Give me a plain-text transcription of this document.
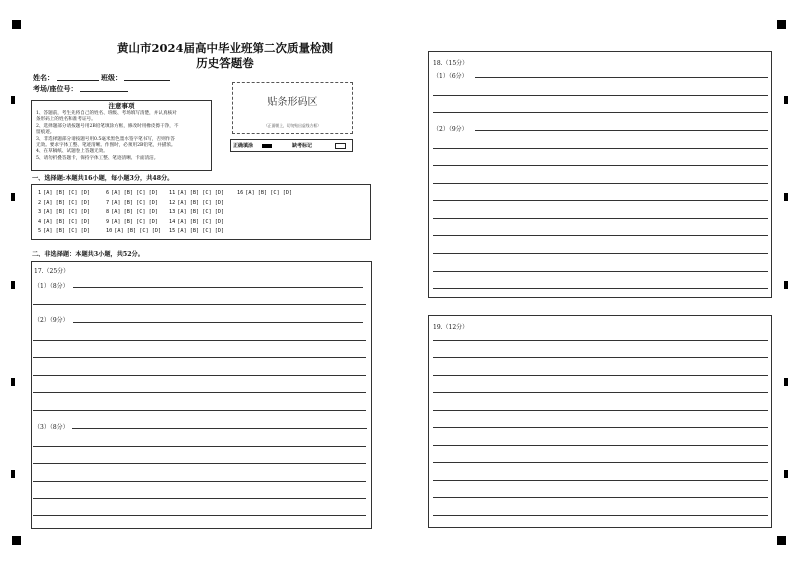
黄山市2024届高中毕业班第二次质量检测
历史答题卷
姓名：	班级：
考场/座位号：
注意事项

1、答题前，考生先将自己的姓名、班级、考场填写清楚，并认真核对

条形码上的姓名和准考证号。

2、选择题部分请按题号用2B铅笔填涂方框，修改时用橡皮擦干净，不

留痕迹。

3、非选择题部分请按题号用0.5毫米黑色墨水签字笔书写，否则作答

无效。要求字体工整、笔迹清晰。作图时，必须用2B铅笔，并描浓。

4、在草稿纸、试题卷上答题无效。

5、请勿折叠答题卡，保持字体工整、笔迹清晰、卡面清洁。

贴条形码区
（正面朝上，切勿贴出虚线方框）
正确填涂	缺考标记
一、选择题:本题共16小题，每小题3分，共48分。
1 [A] [B] [C] [D]
2 [A] [B] [C] [D]
3 [A] [B] [C] [D]
4 [A] [B] [C] [D]
5 [A] [B] [C] [D]
6 [A] [B] [C] [D]
7 [A] [B] [C] [D]
8 [A] [B] [C] [D]
9 [A] [B] [C] [D]
10 [A] [B] [C] [D]
11 [A] [B] [C] [D]
12 [A] [B] [C] [D]
13 [A] [B] [C] [D]
14 [A] [B] [C] [D]
15 [A] [B] [C] [D]
16 [A] [B] [C] [D]
二、非选择题：本题共3小题，共52分。
17.（25分）
（1）（8分）
（2）（9分）
（3）（8分）
18.（15分）
（1）（6分）
（2）（9分）
19.（12分）
